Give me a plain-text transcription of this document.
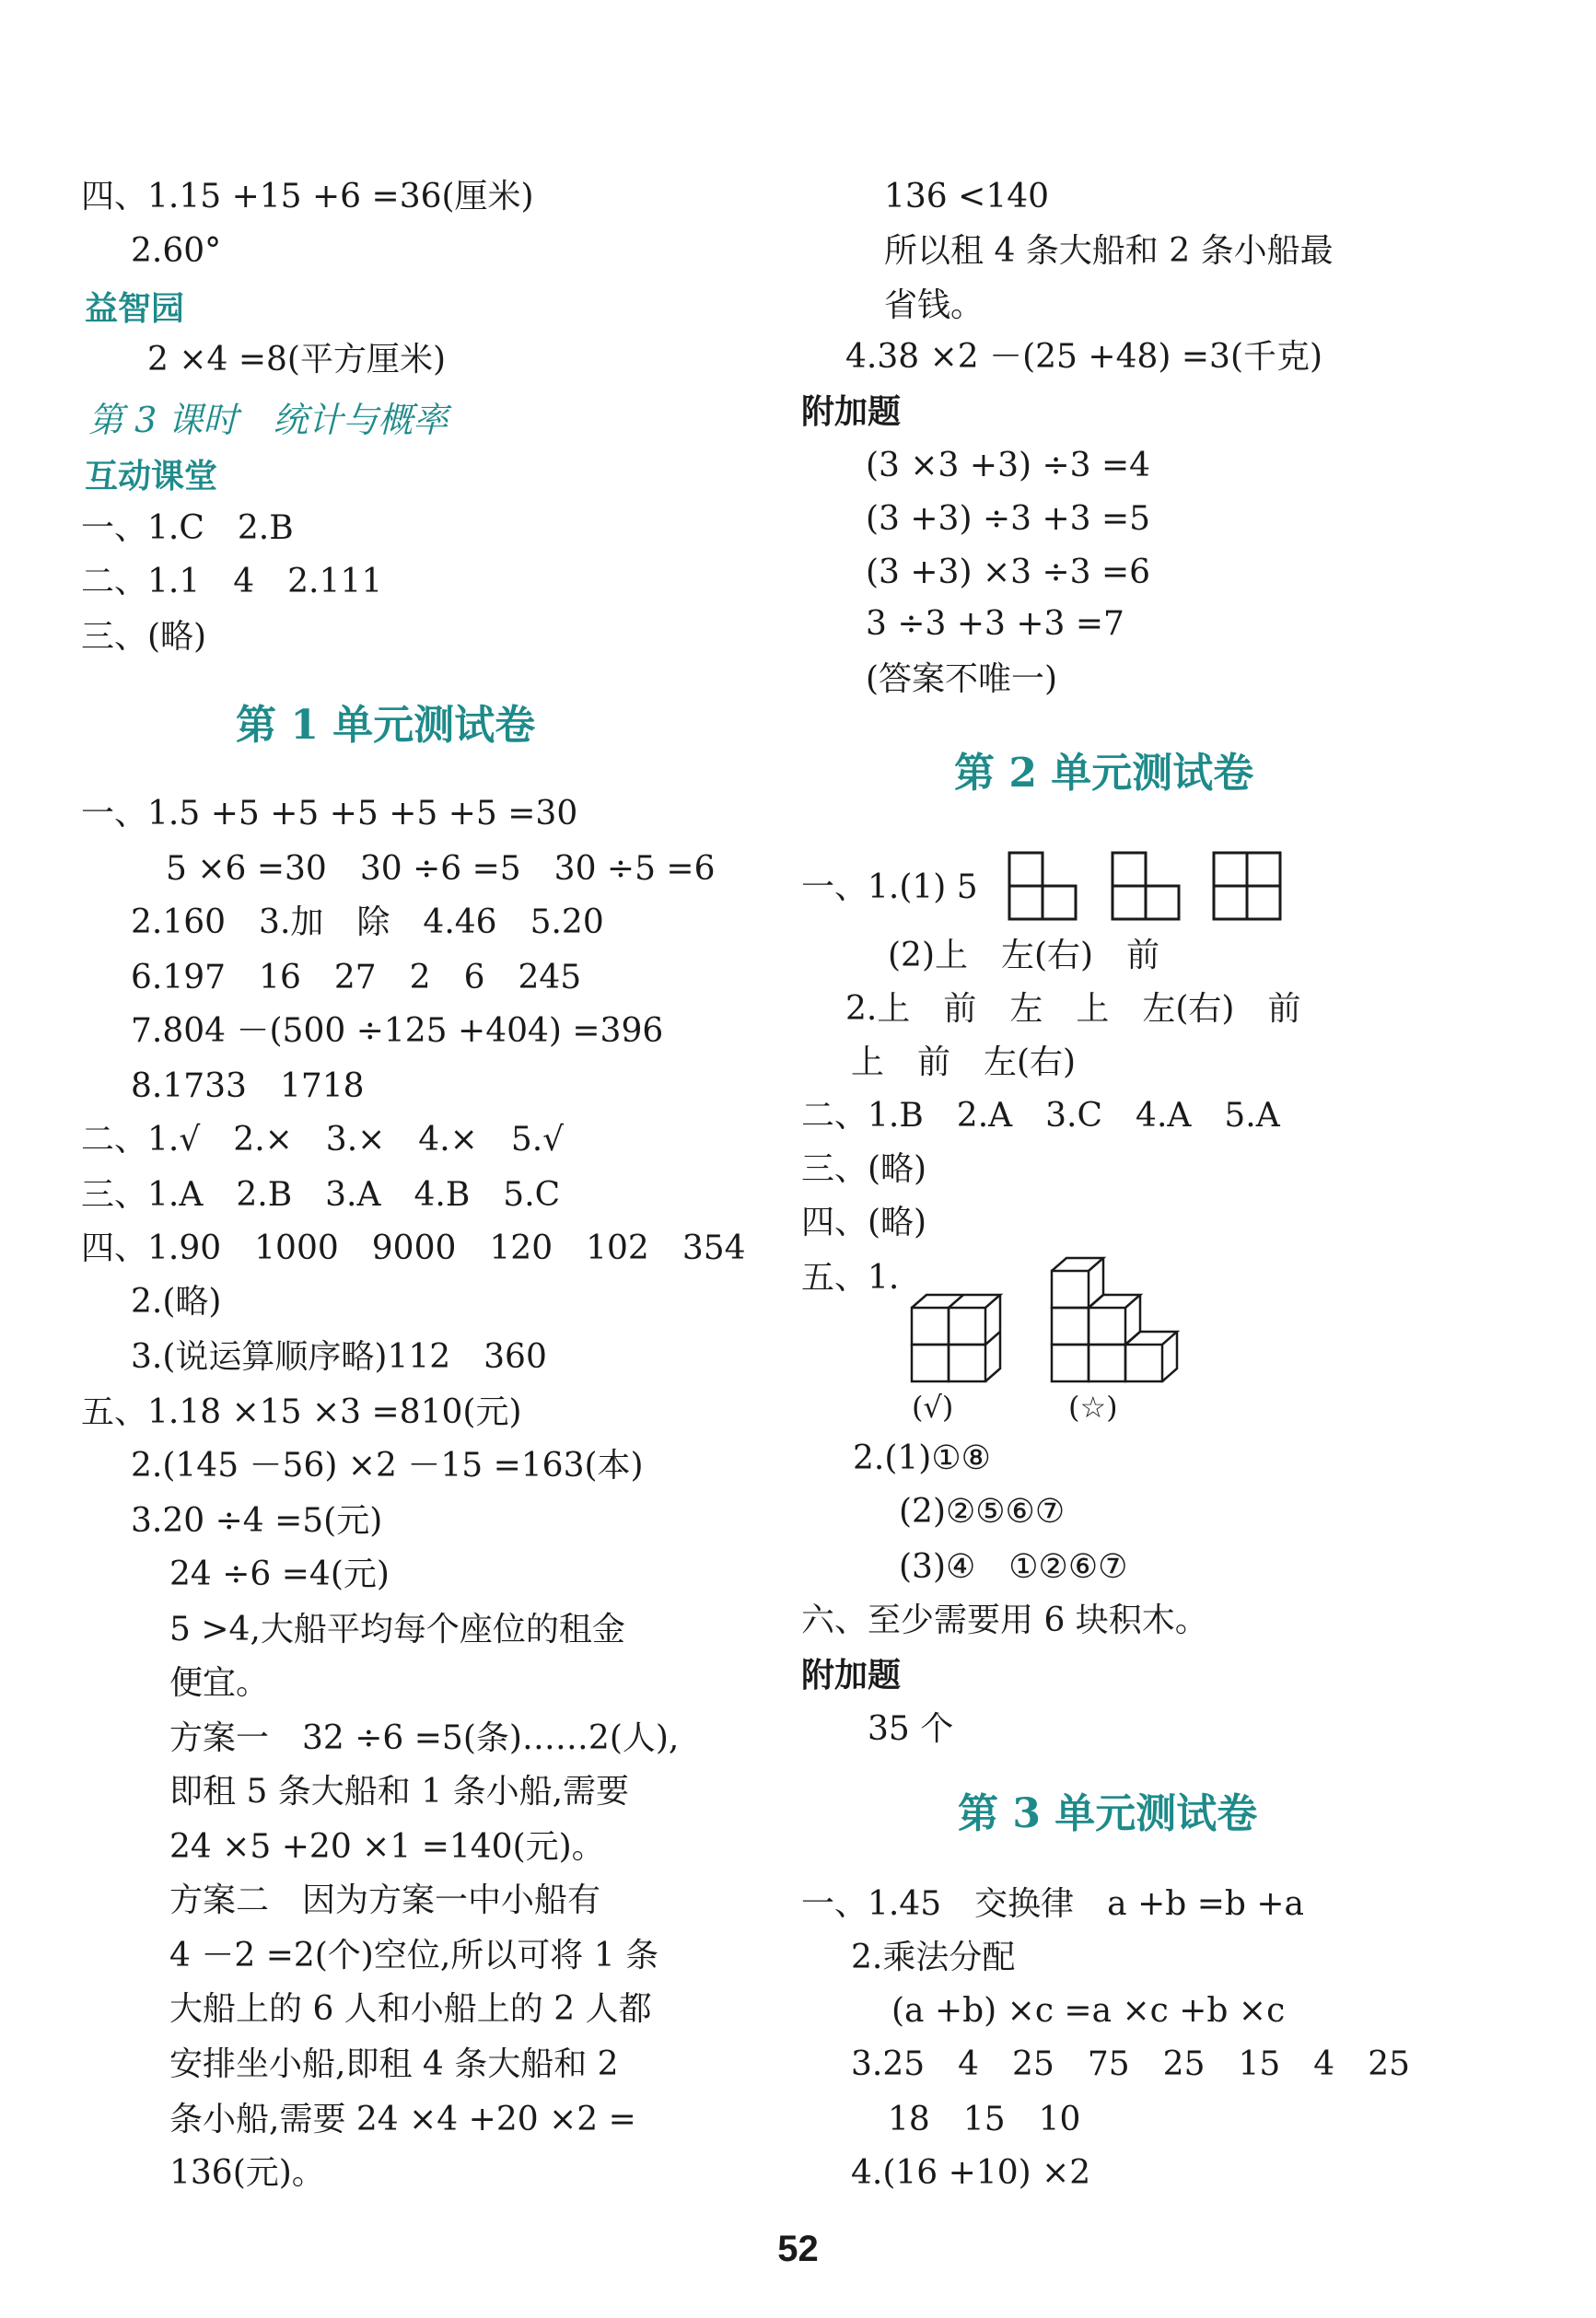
四、1.15 +15 +6 =36(厘米)
2.60°
益智园
2 ×4 =8(平方厘米)
第 3 课时　统计与概率
互动课堂
一、1.C　2.B
二、1.1　4　2.111
三、(略)
第 1 单元测试卷
一、1.5 +5 +5 +5 +5 +5 =30
5 ×6 =30　30 ÷6 =5　30 ÷5 =6
2.160　3.加　除　4.46　5.20
6.197　16　27　2　6　245
7.804 －(500 ÷125 +404) =396
8.1733　1718
二、1.√　2.×　3.×　4.×　5.√
三、1.A　2.B　3.A　4.B　5.C
四、1.90　1000　9000　120　102　354
2.(略)
3.(说运算顺序略)112　360
五、1.18 ×15 ×3 =810(元)
2.(145 －56) ×2 －15 =163(本)
3.20 ÷4 =5(元)
24 ÷6 =4(元)
5 >4,大船平均每个座位的租金
便宜。
方案一　32 ÷6 =5(条)……2(人),
即租 5 条大船和 1 条小船,需要
24 ×5 +20 ×1 =140(元)。
方案二　因为方案一中小船有
4 －2 =2(个)空位,所以可将 1 条
大船上的 6 人和小船上的 2 人都
安排坐小船,即租 4 条大船和 2
条小船,需要 24 ×4 +20 ×2 =
136(元)。
136 <140
所以租 4 条大船和 2 条小船最
省钱。
4.38 ×2 －(25 +48) =3(千克)
附加题
(3 ×3 +3) ÷3 =4
(3 +3) ÷3 +3 =5
(3 +3) ×3 ÷3 =6
3 ÷3 +3 +3 =7
(答案不唯一)
第 2 单元测试卷
一、1.(1) 5
(2)上　左(右)　前
2.上　前　左　上　左(右)　前
上　前　左(右)
二、1.B　2.A　3.C　4.A　5.A
三、(略)
四、(略)
五、1.
(√)	(☆)
2.(1)①⑧
(2)②⑤⑥⑦
(3)④　①②⑥⑦
六、至少需要用 6 块积木。
附加题
35 个
第 3 单元测试卷
一、1.45　交换律　a +b =b +a
2.乘法分配
(a +b) ×c =a ×c +b ×c
3.25　4　25　75　25　15　4　25
18　15　10
4.(16 +10) ×2
52
